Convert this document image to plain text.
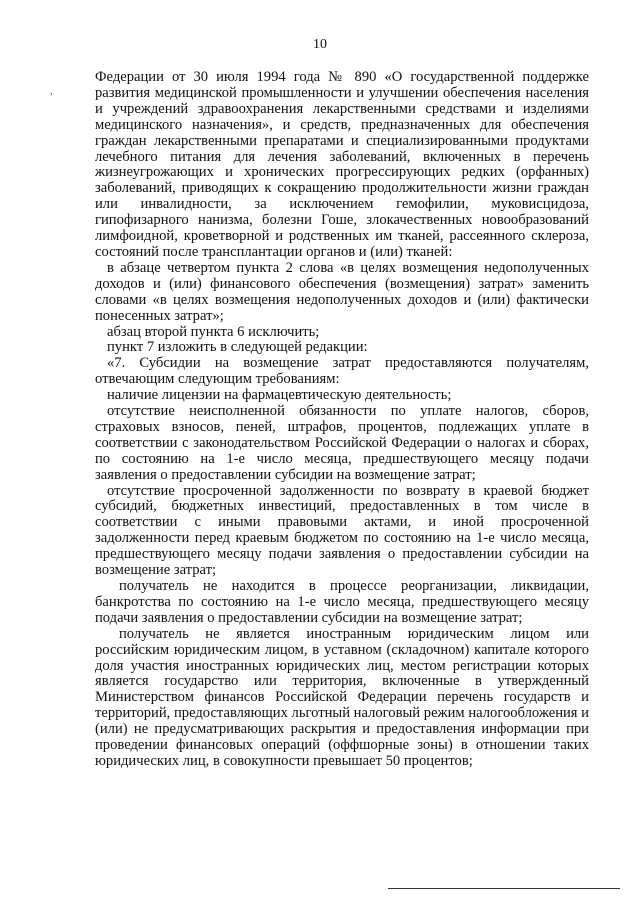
10
,

Федерации от 30 июля 1994 года № 890 «О государственной поддержке развития медицинской промышленности и улучшении обеспечения населения и учреждений здравоохранения лекарственными средствами и изделиями медицинского назначения», и средств, предназначенных для обеспечения граждан лекарственными препаратами и специализированными продуктами лечебного питания для лечения заболеваний, включенных в перечень жизнеугрожающих и хронических прогрессирующих редких (орфанных) заболеваний, приводящих к сокращению продолжительности жизни граждан или инвалидности, за исключением гемофилии, муковисцидоза, гипофизарного нанизма, болезни Гоше, злокачественных новообразований лимфоидной, кроветворной и родственных им тканей, рассеянного склероза, состояний после трансплантации органов и (или) тканей:

в абзаце четвертом пункта 2 слова «в целях возмещения недополученных доходов и (или) финансового обеспечения (возмещения) затрат» заменить словами «в целях возмещения недополученных доходов и (или) фактически понесенных затрат»;

абзац второй пункта 6 исключить;

пункт 7 изложить в следующей редакции:

«7. Субсидии на возмещение затрат предоставляются получателям, отвечающим следующим требованиям:

наличие лицензии на фармацевтическую деятельность;

отсутствие неисполненной обязанности по уплате налогов, сборов, страховых взносов, пеней, штрафов, процентов, подлежащих уплате в соответствии с законодательством Российской Федерации о налогах и сборах, по состоянию на 1-е число месяца, предшествующего месяцу подачи заявления о предоставлении субсидии на возмещение затрат;

отсутствие просроченной задолженности по возврату в краевой бюджет субсидий, бюджетных инвестиций, предоставленных в том числе в соответствии с иными правовыми актами, и иной просроченной задолженности перед краевым бюджетом по состоянию на 1-е число месяца, предшествующего месяцу подачи заявления о предоставлении субсидии на возмещение затрат;

получатель не находится в процессе реорганизации, ликвидации, банкротства по состоянию на 1-е число месяца, предшествующего месяцу подачи заявления о предоставлении субсидии на возмещение затрат;

получатель не является иностранным юридическим лицом или российским юридическим лицом, в уставном (складочном) капитале которого доля участия иностранных юридических лиц, местом регистрации которых является государство или территория, включенные в утвержденный Министерством финансов Российской Федерации перечень государств и территорий, предоставляющих льготный налоговый режим налогообложения и (или) не предусматривающих раскрытия и предоставления информации при проведении финансовых операций (оффшорные зоны) в отношении таких юридических лиц, в совокупности превышает 50 процентов;
